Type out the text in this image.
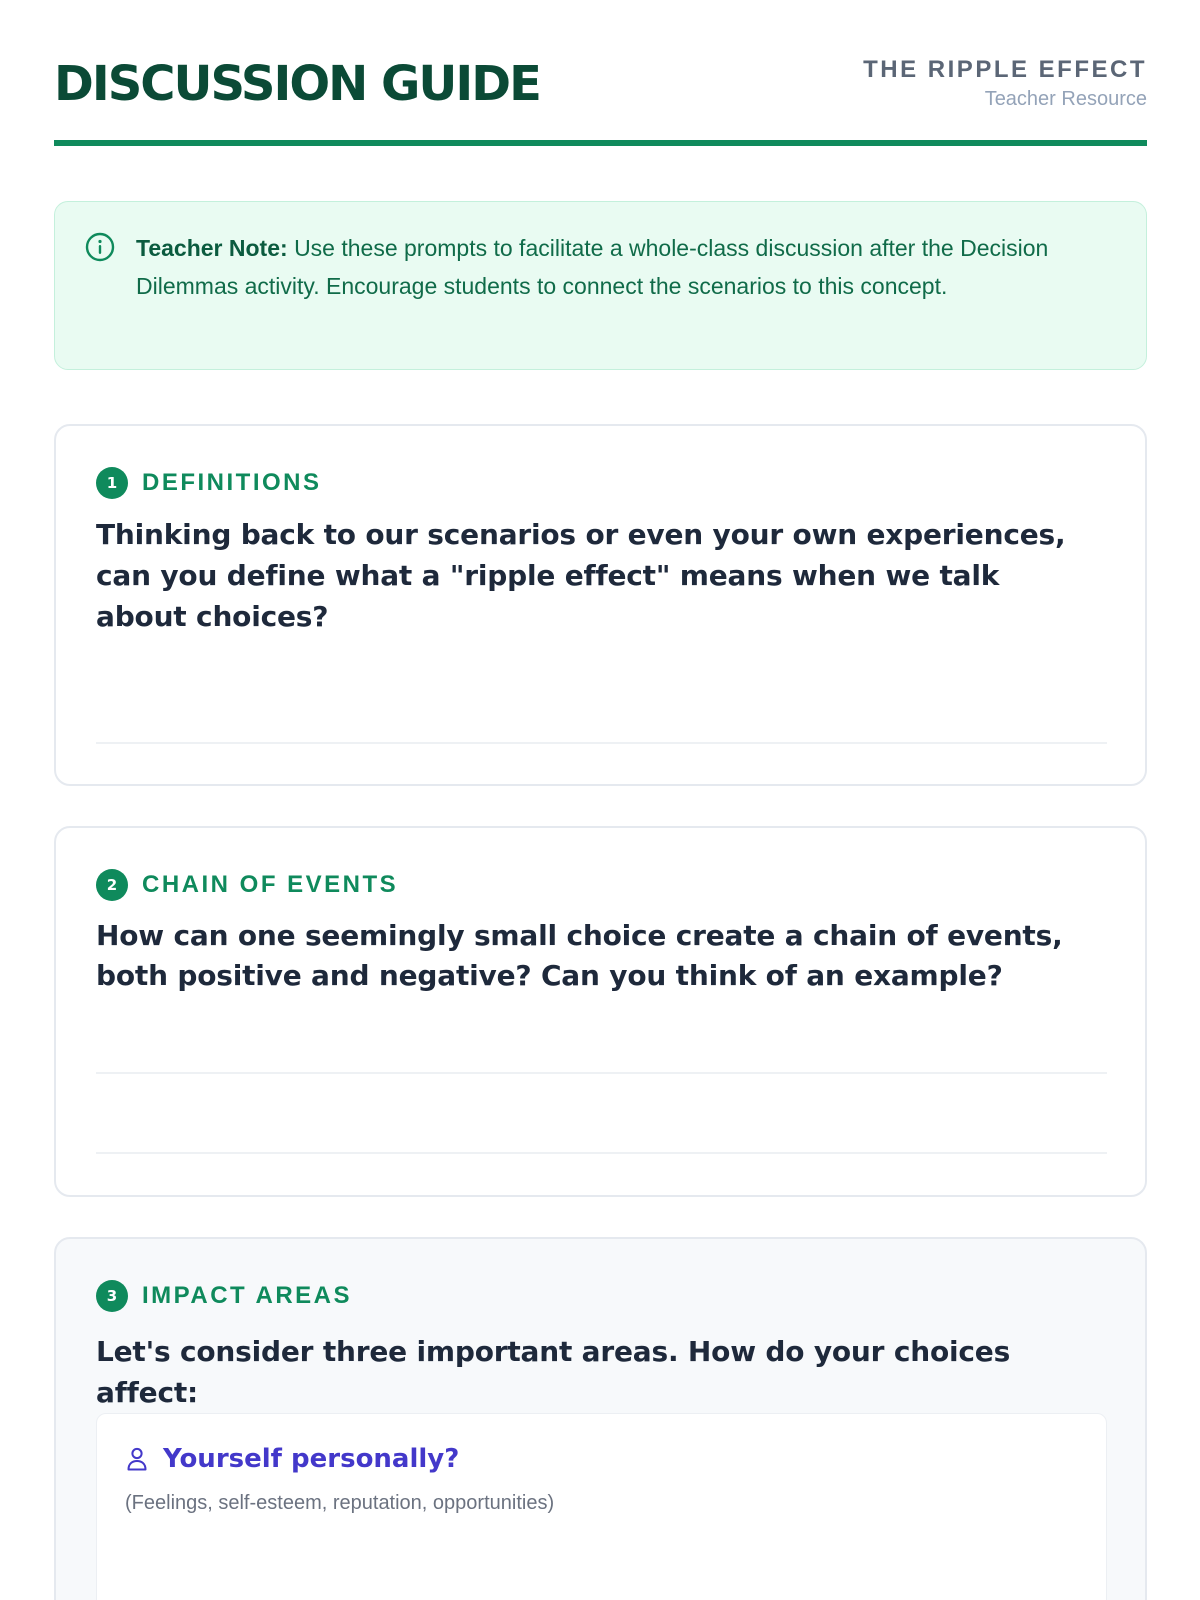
DISCUSSION GUIDE	THE RIPPLE EFFECT
Teacher Resource
Teacher Note: Use these prompts to facilitate a whole-class discussion after the Decision Dilemmas activity. Encourage students to connect the scenarios to this concept.
1	DEFINITIONS
Thinking back to our scenarios or even your own experiences, can you define what a "ripple effect" means when we talk about choices?
2	CHAIN OF EVENTS
How can one seemingly small choice create a chain of events, both positive and negative? Can you think of an example?
3	IMPACT AREAS
Let's consider three important areas. How do your choices affect:
Yourself personally?
(Feelings, self-esteem, reputation, opportunities)
